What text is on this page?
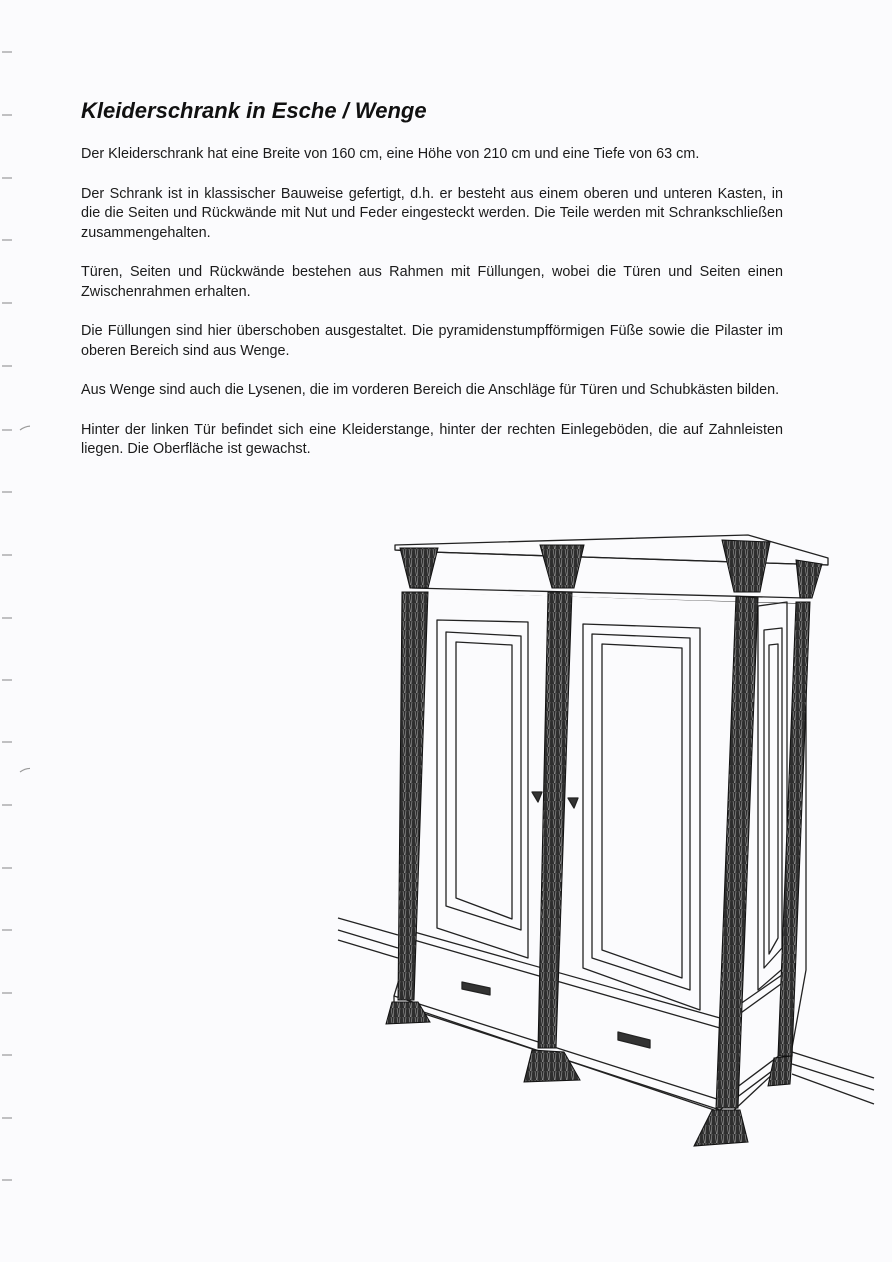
Kleiderschrank in Esche / Wenge

Der Kleiderschrank hat eine Breite von 160 cm, eine Höhe von 210 cm und eine Tiefe von 63 cm.

Der Schrank ist in klassischer Bauweise gefertigt, d.h. er besteht aus einem oberen und unteren Kasten, in die die Seiten und Rückwände mit Nut und Feder eingesteckt werden. Die Teile werden mit Schrankschließen zusammengehalten.

Türen, Seiten und Rückwände bestehen aus Rahmen mit Füllungen, wobei die Türen und Seiten einen Zwischenrahmen erhalten.

Die Füllungen sind hier überschoben ausgestaltet. Die pyramidenstumpfförmigen Füße sowie die Pilaster im oberen Bereich sind aus Wenge.

Aus Wenge sind auch die Lysenen, die im vorderen Bereich die Anschläge für Türen und Schubkästen bilden.

Hinter der linken Tür befindet sich eine Kleiderstange, hinter der rechten Einlegeböden, die auf Zahnleisten liegen. Die Oberfläche ist gewachst.
